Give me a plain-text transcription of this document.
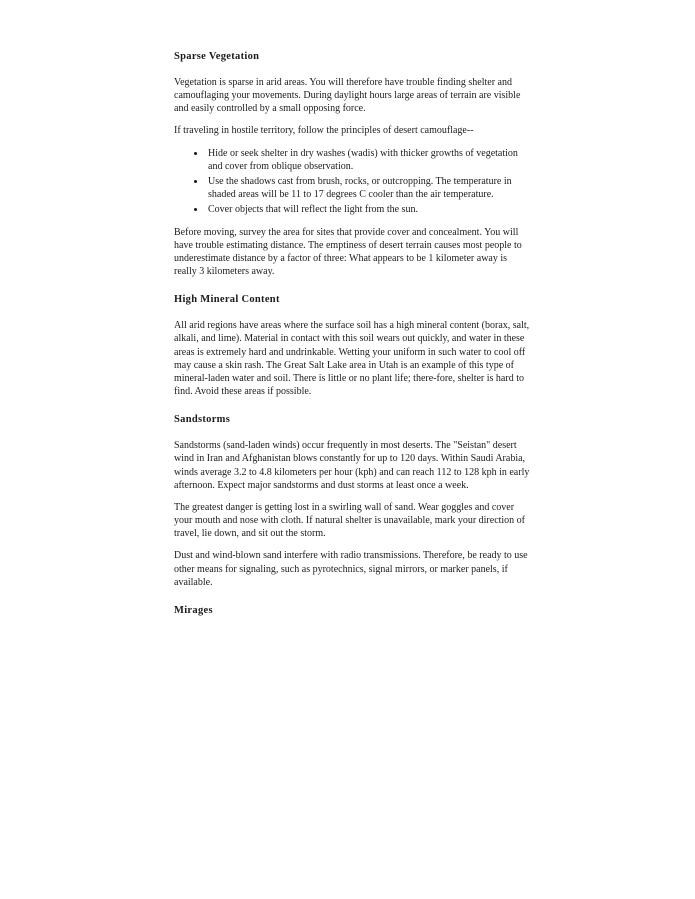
Sparse Vegetation

Vegetation is sparse in arid areas. You will therefore have trouble finding shelter and camouflaging your movements. During daylight hours large areas of terrain are visible and easily controlled by a small opposing force.

If traveling in hostile territory, follow the principles of desert camouflage--

• Hide or seek shelter in dry washes (wadis) with thicker growths of vegetation and cover from oblique observation.
• Use the shadows cast from brush, rocks, or outcropping. The temperature in shaded areas will be 11 to 17 degrees C cooler than the air temperature.
• Cover objects that will reflect the light from the sun.

Before moving, survey the area for sites that provide cover and concealment. You will have trouble estimating distance. The emptiness of desert terrain causes most people to underestimate distance by a factor of three: What appears to be 1 kilometer away is really 3 kilometers away.

High Mineral Content

All arid regions have areas where the surface soil has a high mineral content (borax, salt, alkali, and lime). Material in contact with this soil wears out quickly, and water in these areas is extremely hard and undrinkable. Wetting your uniform in such water to cool off may cause a skin rash. The Great Salt Lake area in Utah is an example of this type of mineral-laden water and soil. There is little or no plant life; there-fore, shelter is hard to find. Avoid these areas if possible.

Sandstorms

Sandstorms (sand-laden winds) occur frequently in most deserts. The "Seistan" desert wind in Iran and Afghanistan blows constantly for up to 120 days. Within Saudi Arabia, winds average 3.2 to 4.8 kilometers per hour (kph) and can reach 112 to 128 kph in early afternoon. Expect major sandstorms and dust storms at least once a week.

The greatest danger is getting lost in a swirling wall of sand. Wear goggles and cover your mouth and nose with cloth. If natural shelter is unavailable, mark your direction of travel, lie down, and sit out the storm.

Dust and wind-blown sand interfere with radio transmissions. Therefore, be ready to use other means for signaling, such as pyrotechnics, signal mirrors, or marker panels, if available.

Mirages
